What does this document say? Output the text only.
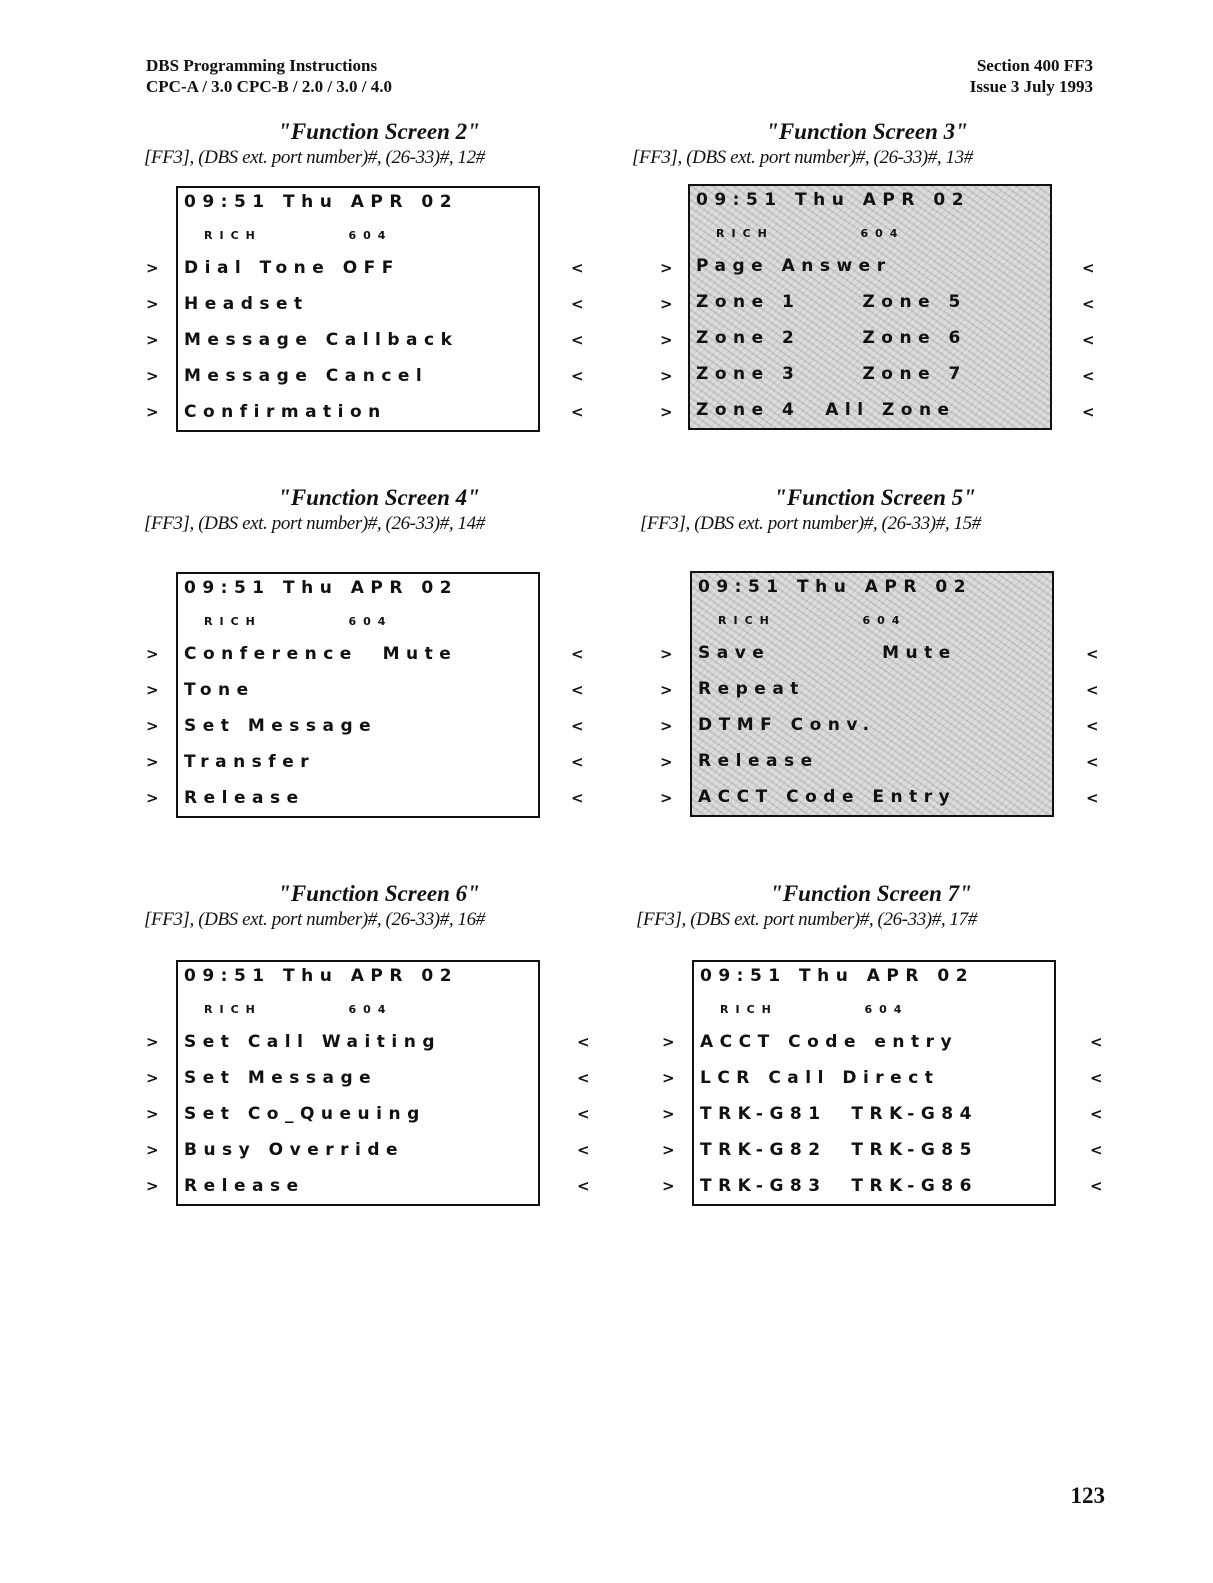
DBS Programming Instructions
CPC-A / 3.0 CPC-B / 2.0 / 3.0 / 4.0
Section 400 FF3
Issue 3 July 1993

"Function Screen 2"

[FF3], (DBS ext. port number)#, (26-33)#, 12#

09:51 Thu APR 02
RICH        604
Dial Tone OFF
Headset
Message Callback
Message Cancel
Confirmation
>
>
>
>
>
<
<
<
<
<

"Function Screen 3"

[FF3], (DBS ext. port number)#, (26-33)#, 13#

09:51 Thu APR 02
RICH        604
Page Answer
Zone 1     Zone 5
Zone 2     Zone 6
Zone 3     Zone 7
Zone 4  All Zone
>
>
>
>
>
<
<
<
<
<

"Function Screen 4"

[FF3], (DBS ext. port number)#, (26-33)#, 14#

09:51 Thu APR 02
RICH        604
Conference  Mute
Tone
Set Message
Transfer
Release
>
>
>
>
>
<
<
<
<
<

"Function Screen 5"

[FF3], (DBS ext. port number)#, (26-33)#, 15#

09:51 Thu APR 02
RICH        604
Save         Mute
Repeat
DTMF Conv.
Release
ACCT Code Entry
>
>
>
>
>
<
<
<
<
<

"Function Screen 6"

[FF3], (DBS ext. port number)#, (26-33)#, 16#

09:51 Thu APR 02
RICH        604
Set Call Waiting
Set Message
Set Co_Queuing
Busy Override
Release
>
>
>
>
>
<
<
<
<
<

"Function Screen 7"

[FF3], (DBS ext. port number)#, (26-33)#, 17#

09:51 Thu APR 02
RICH        604
ACCT Code entry
LCR Call Direct
TRK-G81  TRK-G84
TRK-G82  TRK-G85
TRK-G83  TRK-G86
>
>
>
>
>
<
<
<
<
<
123
